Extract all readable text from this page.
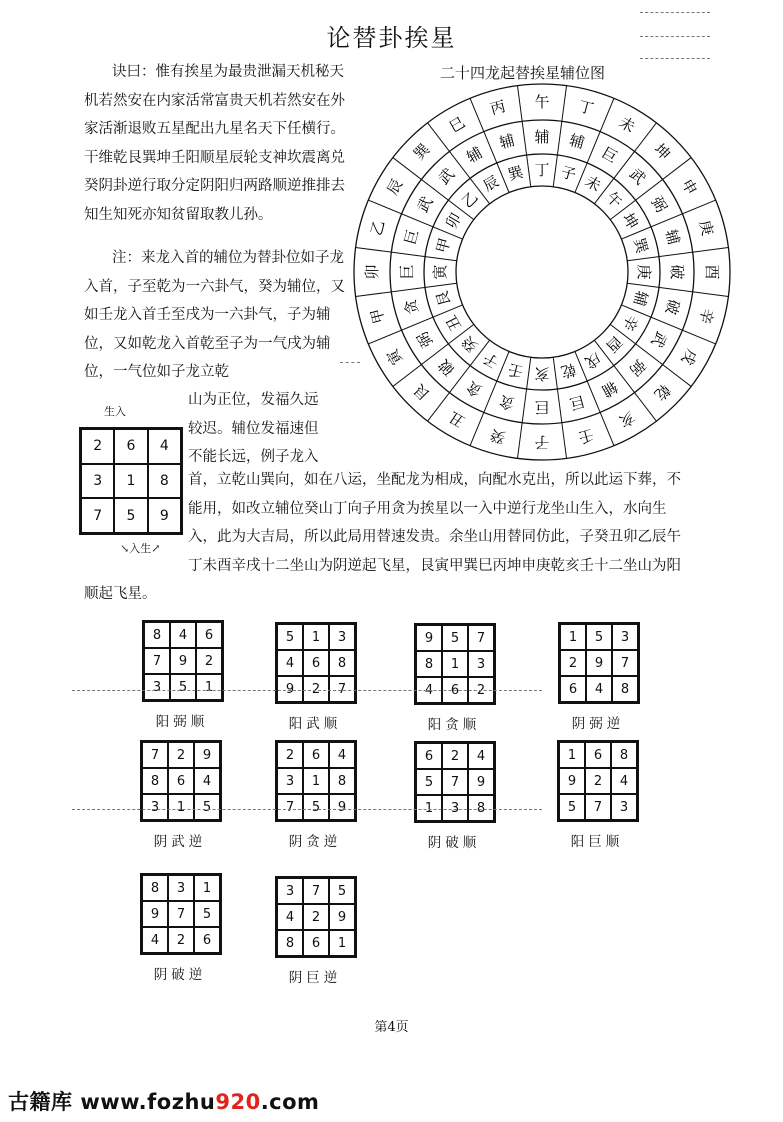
论替卦挨星
诀曰：惟有挨星为最贵泄漏天机秘天机若然安在内家活常富贵天机若然安在外家活渐退败五星配出九星名天下任横行。干维乾艮巽坤壬阳顺星辰轮支神坎震离兑癸阴卦逆行取分定阴阳归两路顺逆推排去知生知死亦知贫留取教儿孙。
二十四龙起替挨星辅位图
午 丁
未
坤
申
庚
酉
辛
戌
乾
亥
壬
子
癸
丑
艮
寅
甲
卯
乙
辰
巽
巳
丙
辅 辅
巨
武
弼
辅
破
破
武
弼
辅
巨
巨
贪
贪
破
弼
贪
巨
巨
武
武
辅
辅
丁 子 未
午
坤
巽
庚
辅
辛
酉
戌
乾
亥
壬
子
癸
丑
艮
寅
甲
卯
乙
辰 巽
注：来龙入首的辅位为替卦位如子龙入首，子至乾为一六卦气，癸为辅位，又如壬龙入首壬至戌为一六卦气，子为辅位，又如乾龙入首乾至子为一气戌为辅位，一气位如子龙立乾
山为正位，发福久远
较迟。辅位发福速但
不能长远，例子龙入
生入
2	6	4
3	1	8
7	5	9
↘入生↗
首，立乾山巽向，如在八运，坐配龙为相成，向配水克出，所以此运下葬，不
能用，如改立辅位癸山丁向子用贪为挨星以一入中逆行龙坐山生入，水向生
入，此为大吉局，所以此局用替速发贵。余坐山用替同仿此，子癸丑卯乙辰午
丁未酉辛戌十二坐山为阴逆起飞星，艮寅甲巽巳丙坤申庚乾亥壬十二坐山为阳
顺起飞星。
8	4	6
7	9	2
3	5	1
阳弼顺
5	1	3
4	6	8
9	2	7
阳武顺
9	5	7
8	1	3
4	6	2
阳贪顺
1	5	3
2	9	7
6	4	8
阴弼逆
7	2	9
8	6	4
3	1	5
阴武逆
2	6	4
3	1	8
7	5	9
阴贪逆
6	2	4
5	7	9
1	3	8
阴破顺
1	6	8
9	2	4
5	7	3
阳巨顺
8	3	1
9	7	5
4	2	6
阴破逆
3	7	5
4	2	9
8	6	1
阴巨逆
第4页
古籍库 www.fozhu920.com
